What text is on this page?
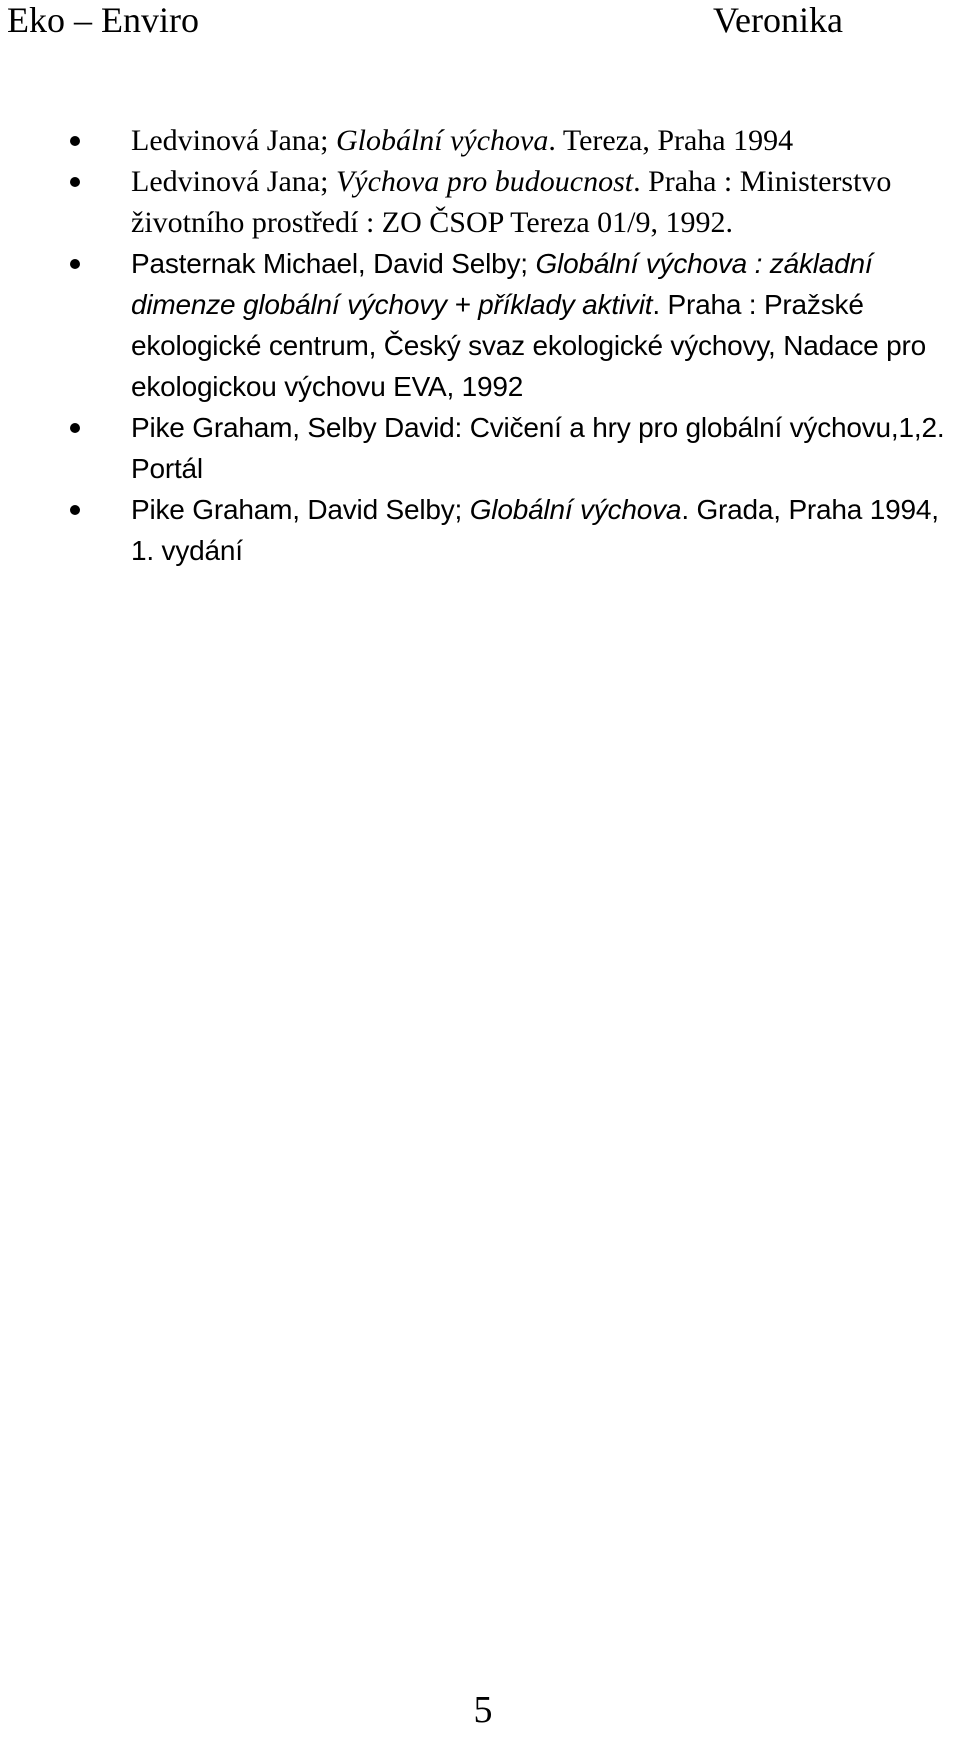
Eko – Enviro	Veronika
Ledvinová Jana; Globální výchova. Tereza, Praha 1994
Ledvinová Jana; Výchova pro budoucnost. Praha : Ministerstvo životního prostředí : ZO ČSOP Tereza 01/9, 1992.
Pasternak Michael, David Selby; Globální výchova : základní dimenze globální výchovy + příklady aktivit. Praha : Pražské ekologické centrum, Český svaz ekologické výchovy, Nadace pro ekologickou výchovu EVA, 1992
Pike Graham, Selby David: Cvičení a hry pro globální výchovu,1,2. Portál
Pike Graham, David Selby; Globální výchova. Grada, Praha 1994, 1. vydání
5
